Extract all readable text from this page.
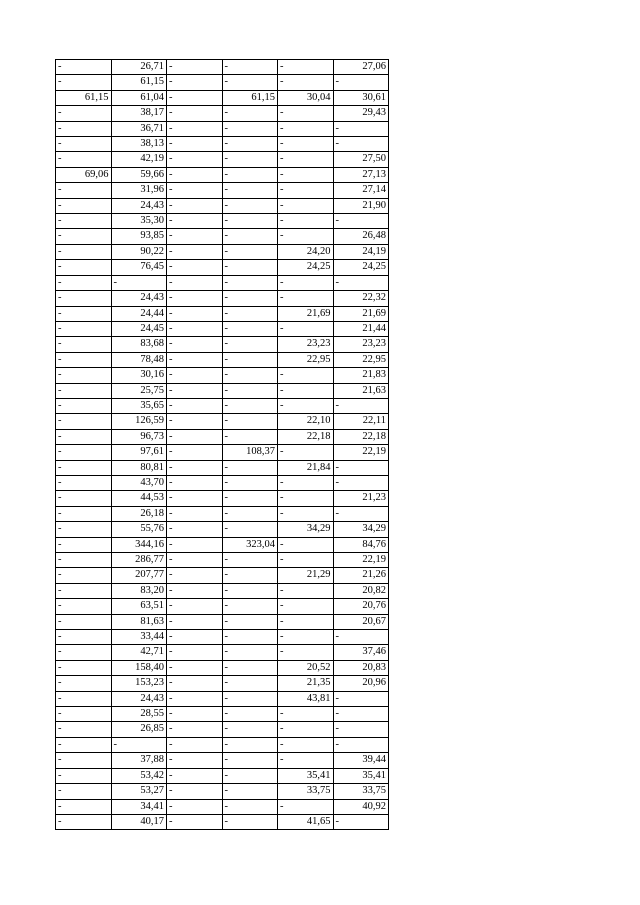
-	26,71	-	-	-	27,06
-	61,15	-	-	-	-
61,15	61,04	-	61,15	30,04	30,61
-	38,17	-	-	-	29,43
-	36,71	-	-	-	-
-	38,13	-	-	-	-
-	42,19	-	-	-	27,50
69,06	59,66	-	-	-	27,13
-	31,96	-	-	-	27,14
-	24,43	-	-	-	21,90
-	35,30	-	-	-	-
-	93,85	-	-	-	26,48
-	90,22	-	-	24,20	24,19
-	76,45	-	-	24,25	24,25
-	-	-	-	-	-
-	24,43	-	-	-	22,32
-	24,44	-	-	21,69	21,69
-	24,45	-	-	-	21,44
-	83,68	-	-	23,23	23,23
-	78,48	-	-	22,95	22,95
-	30,16	-	-	-	21,83
-	25,75	-	-	-	21,63
-	35,65	-	-	-	-
-	126,59	-	-	22,10	22,11
-	96,73	-	-	22,18	22,18
-	97,61	-	108,37	-	22,19
-	80,81	-	-	21,84	-
-	43,70	-	-	-	-
-	44,53	-	-	-	21,23
-	26,18	-	-	-	-
-	55,76	-	-	34,29	34,29
-	344,16	-	323,04	-	84,76
-	286,77	-	-	-	22,19
-	207,77	-	-	21,29	21,26
-	83,20	-	-	-	20,82
-	63,51	-	-	-	20,76
-	81,63	-	-	-	20,67
-	33,44	-	-	-	-
-	42,71	-	-	-	37,46
-	158,40	-	-	20,52	20,83
-	153,23	-	-	21,35	20,96
-	24,43	-	-	43,81	-
-	28,55	-	-	-	-
-	26,85	-	-	-	-
-	-	-	-	-	-
-	37,88	-	-	-	39,44
-	53,42	-	-	35,41	35,41
-	53,27	-	-	33,75	33,75
-	34,41	-	-	-	40,92
-	40,17	-	-	41,65	-
